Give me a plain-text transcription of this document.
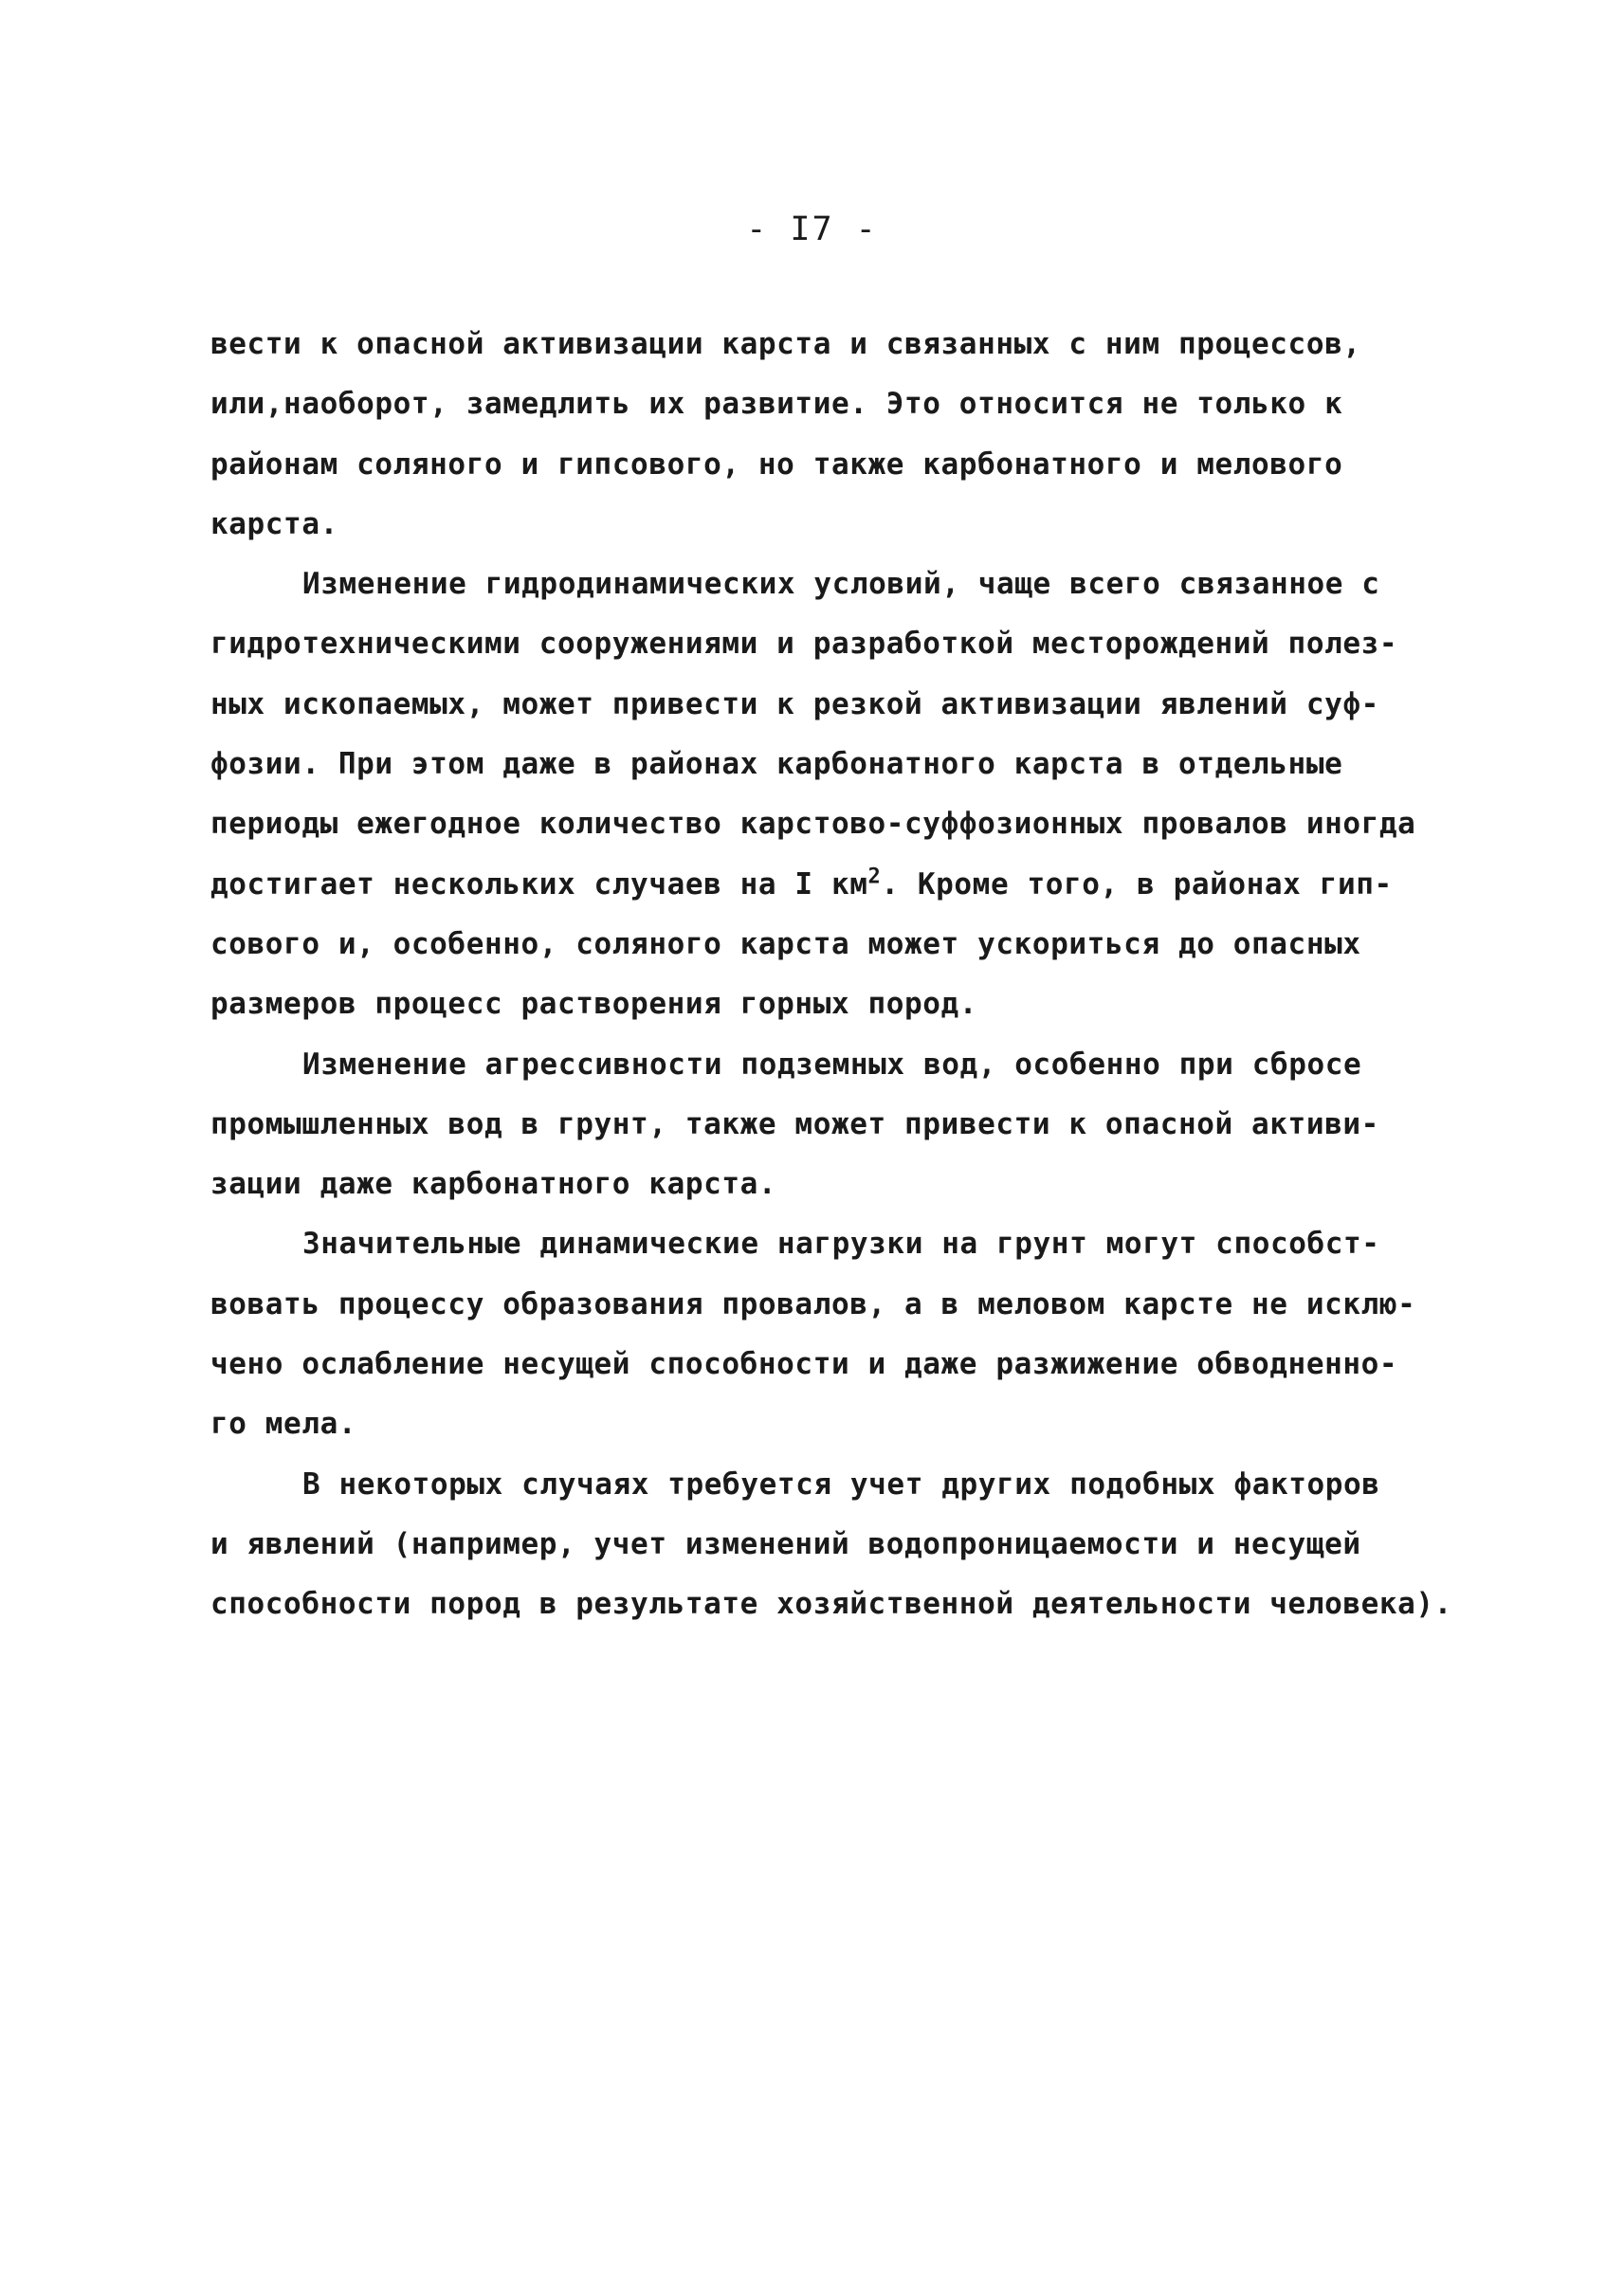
- I7 -
вести к опасной активизации карста и связанных с ним процессов,
или,наоборот, замедлить их развитие. Это относится не только к
районам соляного и гипсового, но также карбонатного и мелового
карста.
Изменение гидродинамических условий, чаще всего связанное с
гидротехническими сооружениями и разработкой месторождений полез-
ных ископаемых, может привести к резкой активизации явлений суф-
фозии. При этом даже в районах карбонатного карста в отдельные
периоды ежегодное количество карстово-суффозионных провалов иногда
достигает нескольких случаев на I $км^2$. Кроме того, в районах гип-
сового и, особенно, соляного карста может ускориться до опасных
размеров процесс растворения горных пород.
Изменение агрессивности подземных вод, особенно при сбросе
промышленных вод в грунт, также может привести к опасной активи-
зации даже карбонатного карста.
Значительные динамические нагрузки на грунт могут способст-
вовать процессу образования провалов, а в меловом карсте не исклю-
чено ослабление несущей способности и даже разжижение обводненно-
го мела.
В некоторых случаях требуется учет других подобных факторов
и явлений (например, учет изменений водопроницаемости и несущей
способности пород в результате хозяйственной деятельности человека).
